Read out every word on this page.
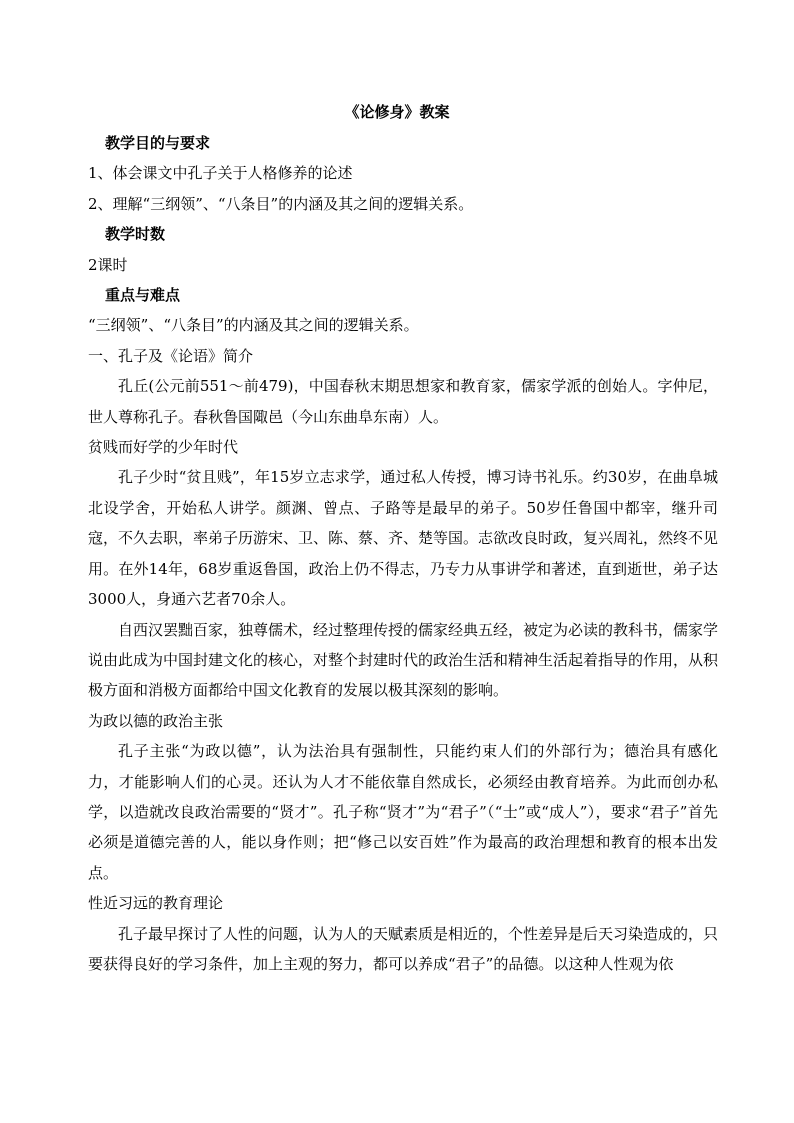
《论修身》教案

教学目的与要求

1、体会课文中孔子关于人格修养的论述

2、理解“三纲领”、“八条目”的内涵及其之间的逻辑关系。

教学时数

2课时

重点与难点

“三纲领”、“八条目”的内涵及其之间的逻辑关系。

一、孔子及《论语》简介

孔丘(公元前551～前479)，中国春秋末期思想家和教育家，儒家学派的创始人。字仲尼，世人尊称孔子。春秋鲁国陬邑（今山东曲阜东南）人。

贫贱而好学的少年时代

孔子少时“贫且贱”，年15岁立志求学，通过私人传授，博习诗书礼乐。约30岁，在曲阜城北设学舍，开始私人讲学。颜渊、曾点、子路等是最早的弟子。50岁任鲁国中都宰，继升司寇，不久去职，率弟子历游宋、卫、陈、蔡、齐、楚等国。志欲改良时政，复兴周礼，然终不见用。在外14年，68岁重返鲁国，政治上仍不得志，乃专力从事讲学和著述，直到逝世，弟子达3000人，身通六艺者70余人。

自西汉罢黜百家，独尊儒术，经过整理传授的儒家经典五经，被定为必读的教科书，儒家学说由此成为中国封建文化的核心，对整个封建时代的政治生活和精神生活起着指导的作用，从积极方面和消极方面都给中国文化教育的发展以极其深刻的影响。

为政以德的政治主张

孔子主张“为政以德”，认为法治具有强制性，只能约束人们的外部行为；德治具有感化力，才能影响人们的心灵。还认为人才不能依靠自然成长，必须经由教育培养。为此而创办私学，以造就改良政治需要的“贤才”。孔子称“贤才”为“君子”（“士”或“成人”），要求“君子”首先必须是道德完善的人，能以身作则；把“修己以安百姓”作为最高的政治理想和教育的根本出发点。

性近习远的教育理论

孔子最早探讨了人性的问题，认为人的天赋素质是相近的，个性差异是后天习染造成的，只要获得良好的学习条件，加上主观的努力，都可以养成“君子”的品德。以这种人性观为依
